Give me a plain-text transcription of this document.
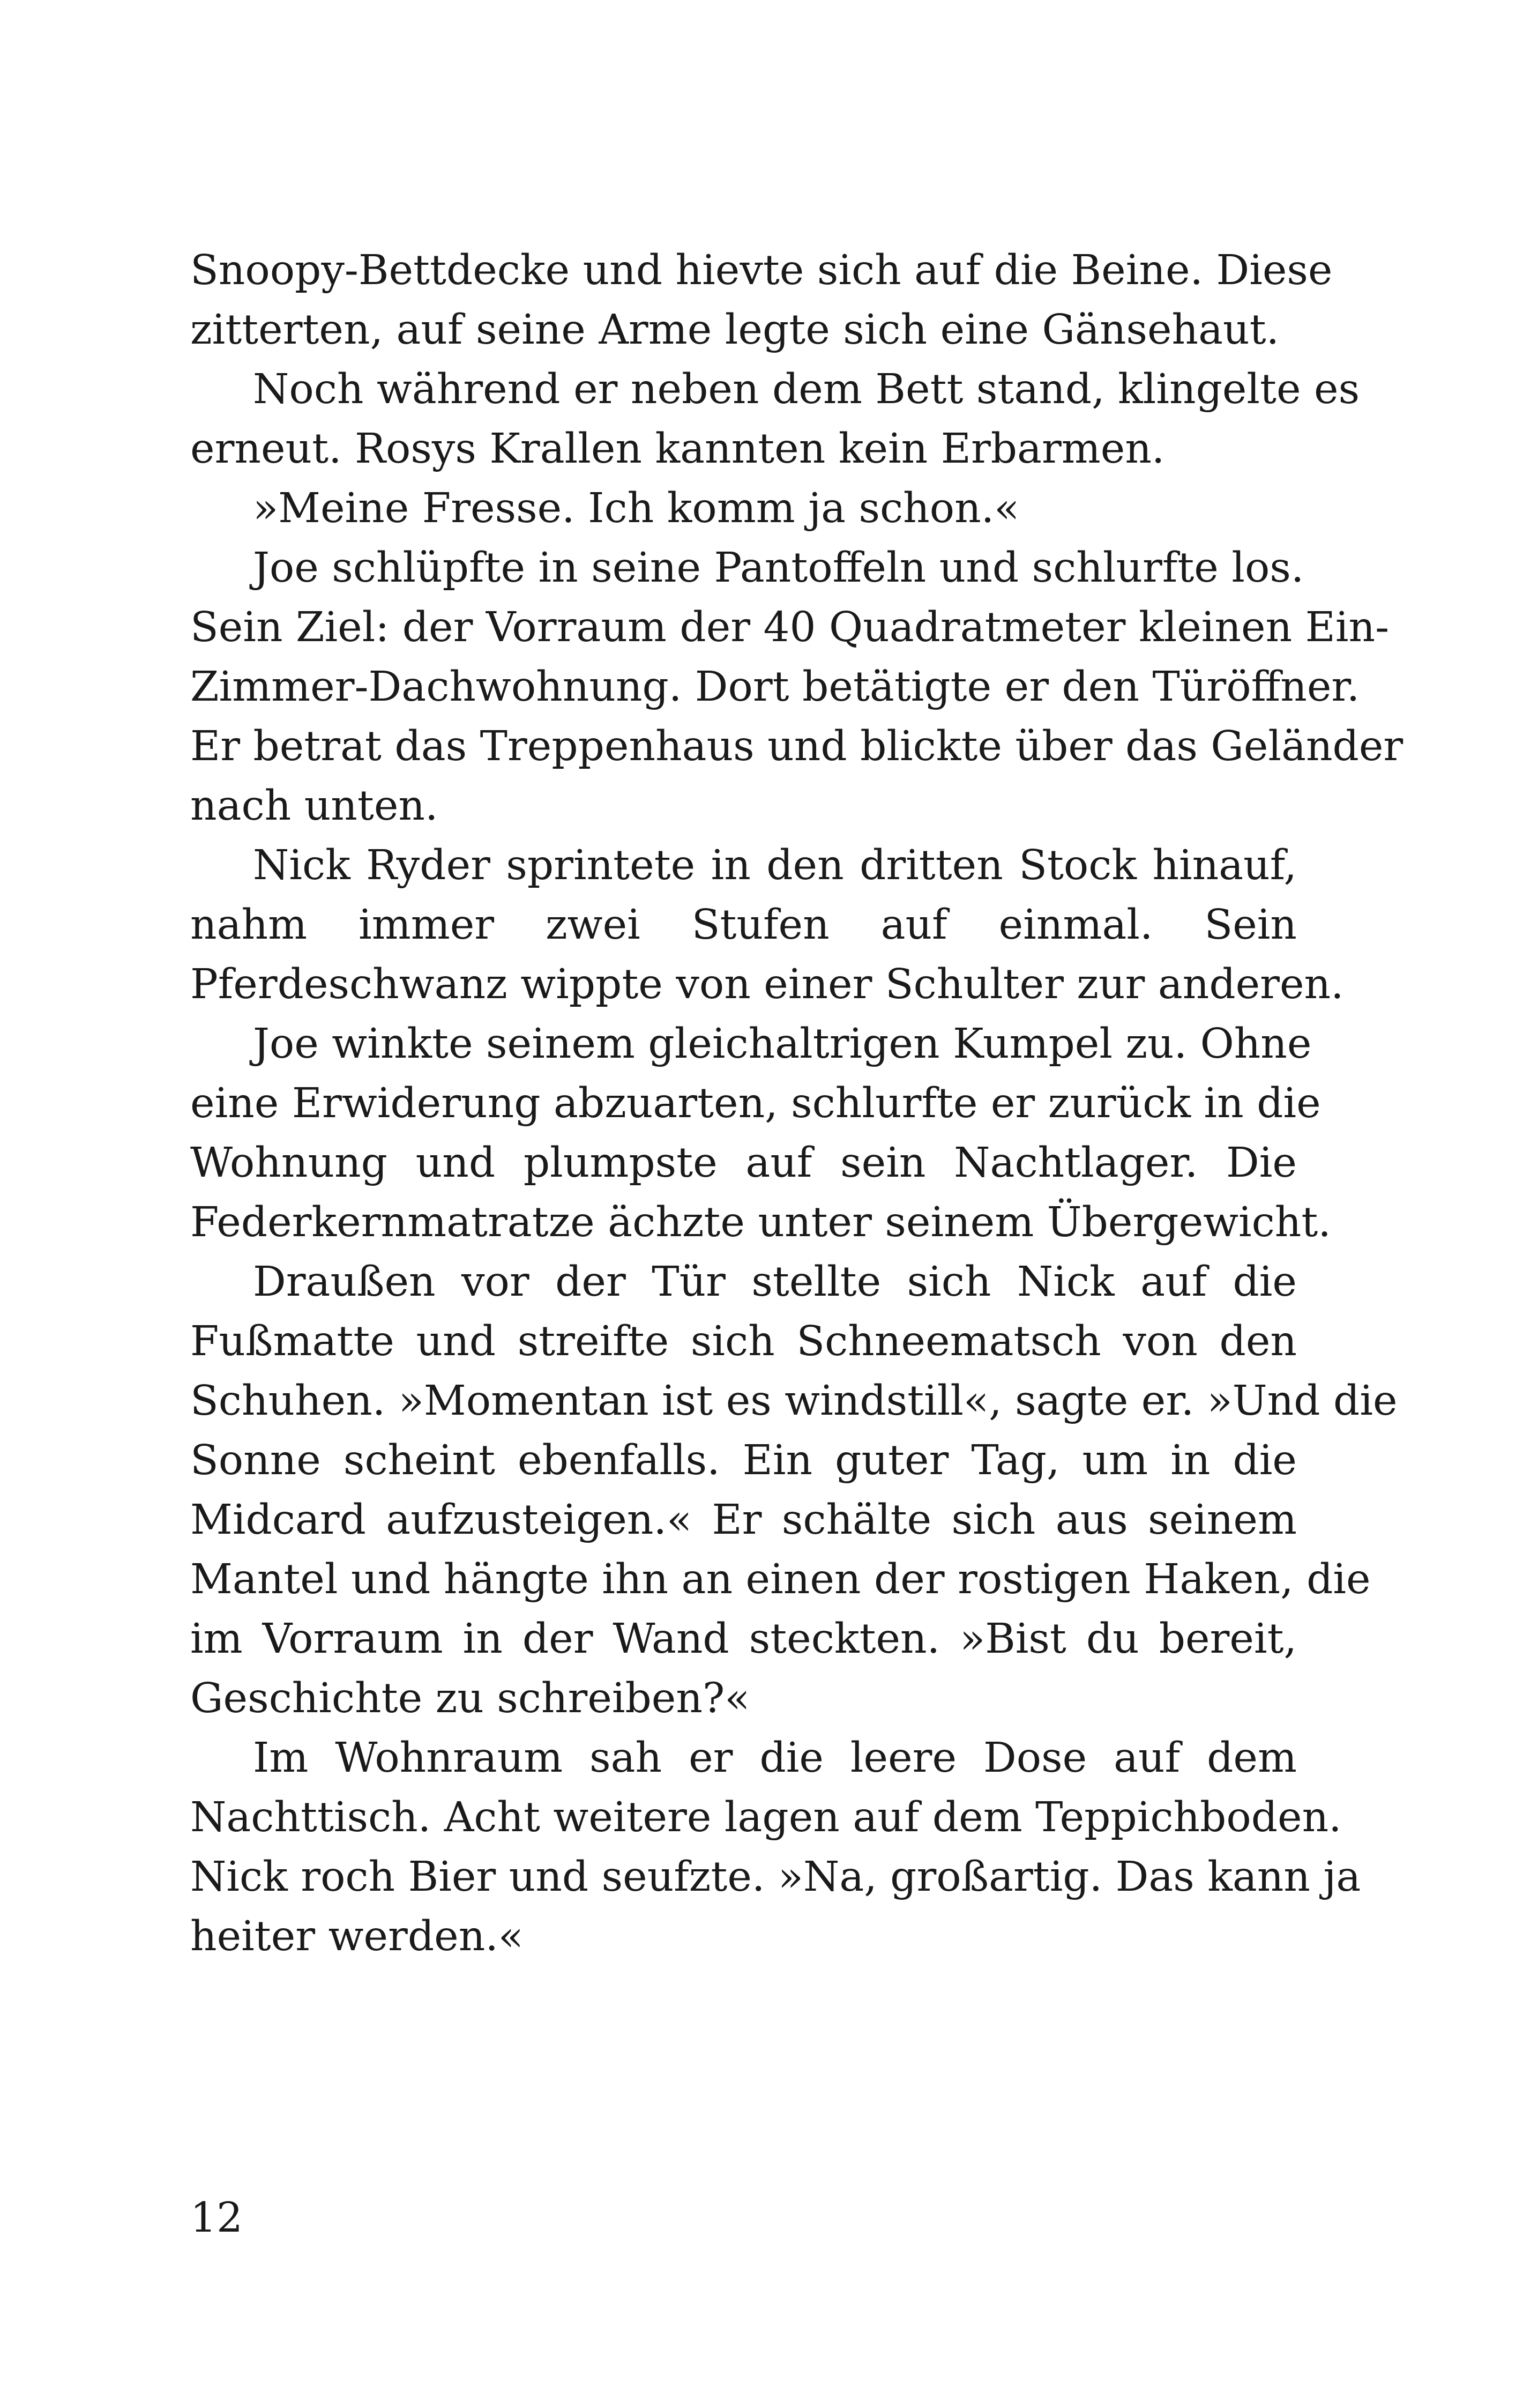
Snoopy-Bettdecke und hievte sich auf die Beine. Diese
zitterten, auf seine Arme legte sich eine Gänsehaut.
Noch während er neben dem Bett stand, klingelte es
erneut. Rosys Krallen kannten kein Erbarmen.
»Meine Fresse. Ich komm ja schon.«
Joe schlüpfte in seine Pantoffeln und schlurfte los.
Sein Ziel: der Vorraum der 40 Quadratmeter kleinen Ein-
Zimmer-Dachwohnung. Dort betätigte er den Türöffner.
Er betrat das Treppenhaus und blickte über das Geländer
nach unten.
Nick Ryder sprintete in den dritten Stock hinauf,
nahm immer zwei Stufen auf einmal. Sein
Pferdeschwanz wippte von einer Schulter zur anderen.
Joe winkte seinem gleichaltrigen Kumpel zu. Ohne
eine Erwiderung abzuarten, schlurfte er zurück in die
Wohnung und plumpste auf sein Nachtlager. Die
Federkernmatratze ächzte unter seinem Übergewicht.
Draußen vor der Tür stellte sich Nick auf die
Fußmatte und streifte sich Schneematsch von den
Schuhen. »Momentan ist es windstill«, sagte er. »Und die
Sonne scheint ebenfalls. Ein guter Tag, um in die
Midcard aufzusteigen.« Er schälte sich aus seinem
Mantel und hängte ihn an einen der rostigen Haken, die
im Vorraum in der Wand steckten. »Bist du bereit,
Geschichte zu schreiben?«
Im Wohnraum sah er die leere Dose auf dem
Nachttisch. Acht weitere lagen auf dem Teppichboden.
Nick roch Bier und seufzte. »Na, großartig. Das kann ja
heiter werden.«
12
